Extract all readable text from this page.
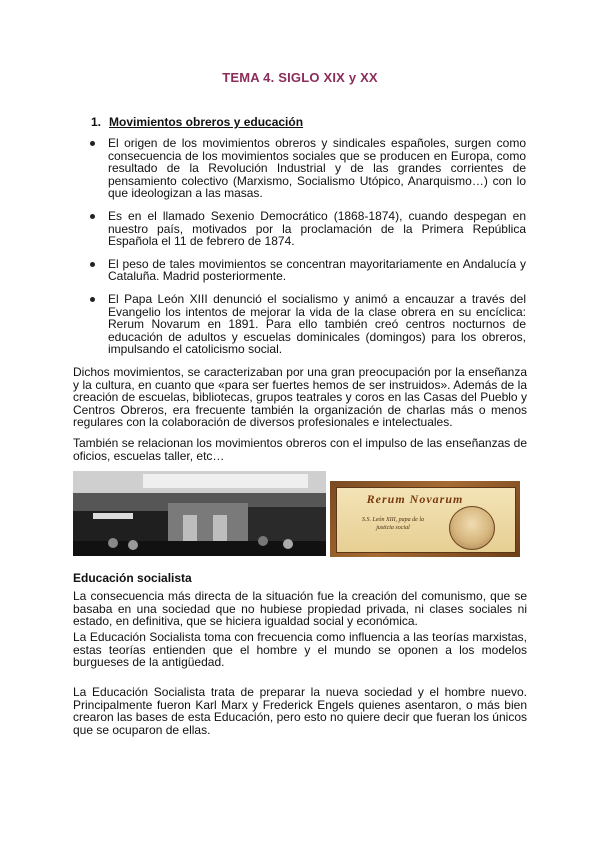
TEMA 4. SIGLO XIX y XX
1. Movimientos obreros y educación
El origen de los movimientos obreros y sindicales españoles, surgen como consecuencia de los movimientos sociales que se producen en Europa, como resultado de la Revolución Industrial y de las grandes corrientes de pensamiento colectivo (Marxismo, Socialismo Utópico, Anarquismo…) con lo que ideologizan a las masas.
Es en el llamado Sexenio Democrático (1868-1874), cuando despegan en nuestro país, motivados por la proclamación de la Primera República Española el 11 de febrero de 1874.
El peso de tales movimientos se concentran mayoritariamente en Andalucía y Cataluña. Madrid posteriormente.
El Papa León XIII denunció el socialismo y animó a encauzar a través del Evangelio los intentos de mejorar la vida de la clase obrera en su encíclica: Rerum Novarum en 1891. Para ello también creó centros nocturnos de educación de adultos y escuelas dominicales (domingos) para los obreros, impulsando el catolicismo social.

Dichos movimientos, se caracterizaban por una gran preocupación por la enseñanza y la cultura, en cuanto que «para ser fuertes hemos de ser instruidos». Además de la creación de escuelas, bibliotecas, grupos teatrales y coros en las Casas del Pueblo y Centros Obreros, era frecuente también la organización de charlas más o menos regulares con la colaboración de diversos profesionales e intelectuales.

También se relacionan los movimientos obreros con el impulso de las enseñanzas de oficios, escuelas taller, etc…

Rerum Novarum
S.S. León XIII, papa de la justicia social
Educación socialista

La consecuencia más directa de la situación fue la creación del comunismo, que se basaba en una sociedad que no hubiese propiedad privada, ni clases sociales ni estado, en definitiva, que se hiciera igualdad social y económica.

La Educación Socialista toma con frecuencia como influencia a las teorías marxistas, estas teorías entienden que el hombre y el mundo se oponen a los modelos burgueses de la antigüedad.

La Educación Socialista trata de preparar la nueva sociedad y el hombre nuevo. Principalmente fueron Karl Marx y Frederick Engels quienes asentaron, o más bien crearon las bases de esta Educación, pero esto no quiere decir que fueran los únicos que se ocuparon de ellas.
